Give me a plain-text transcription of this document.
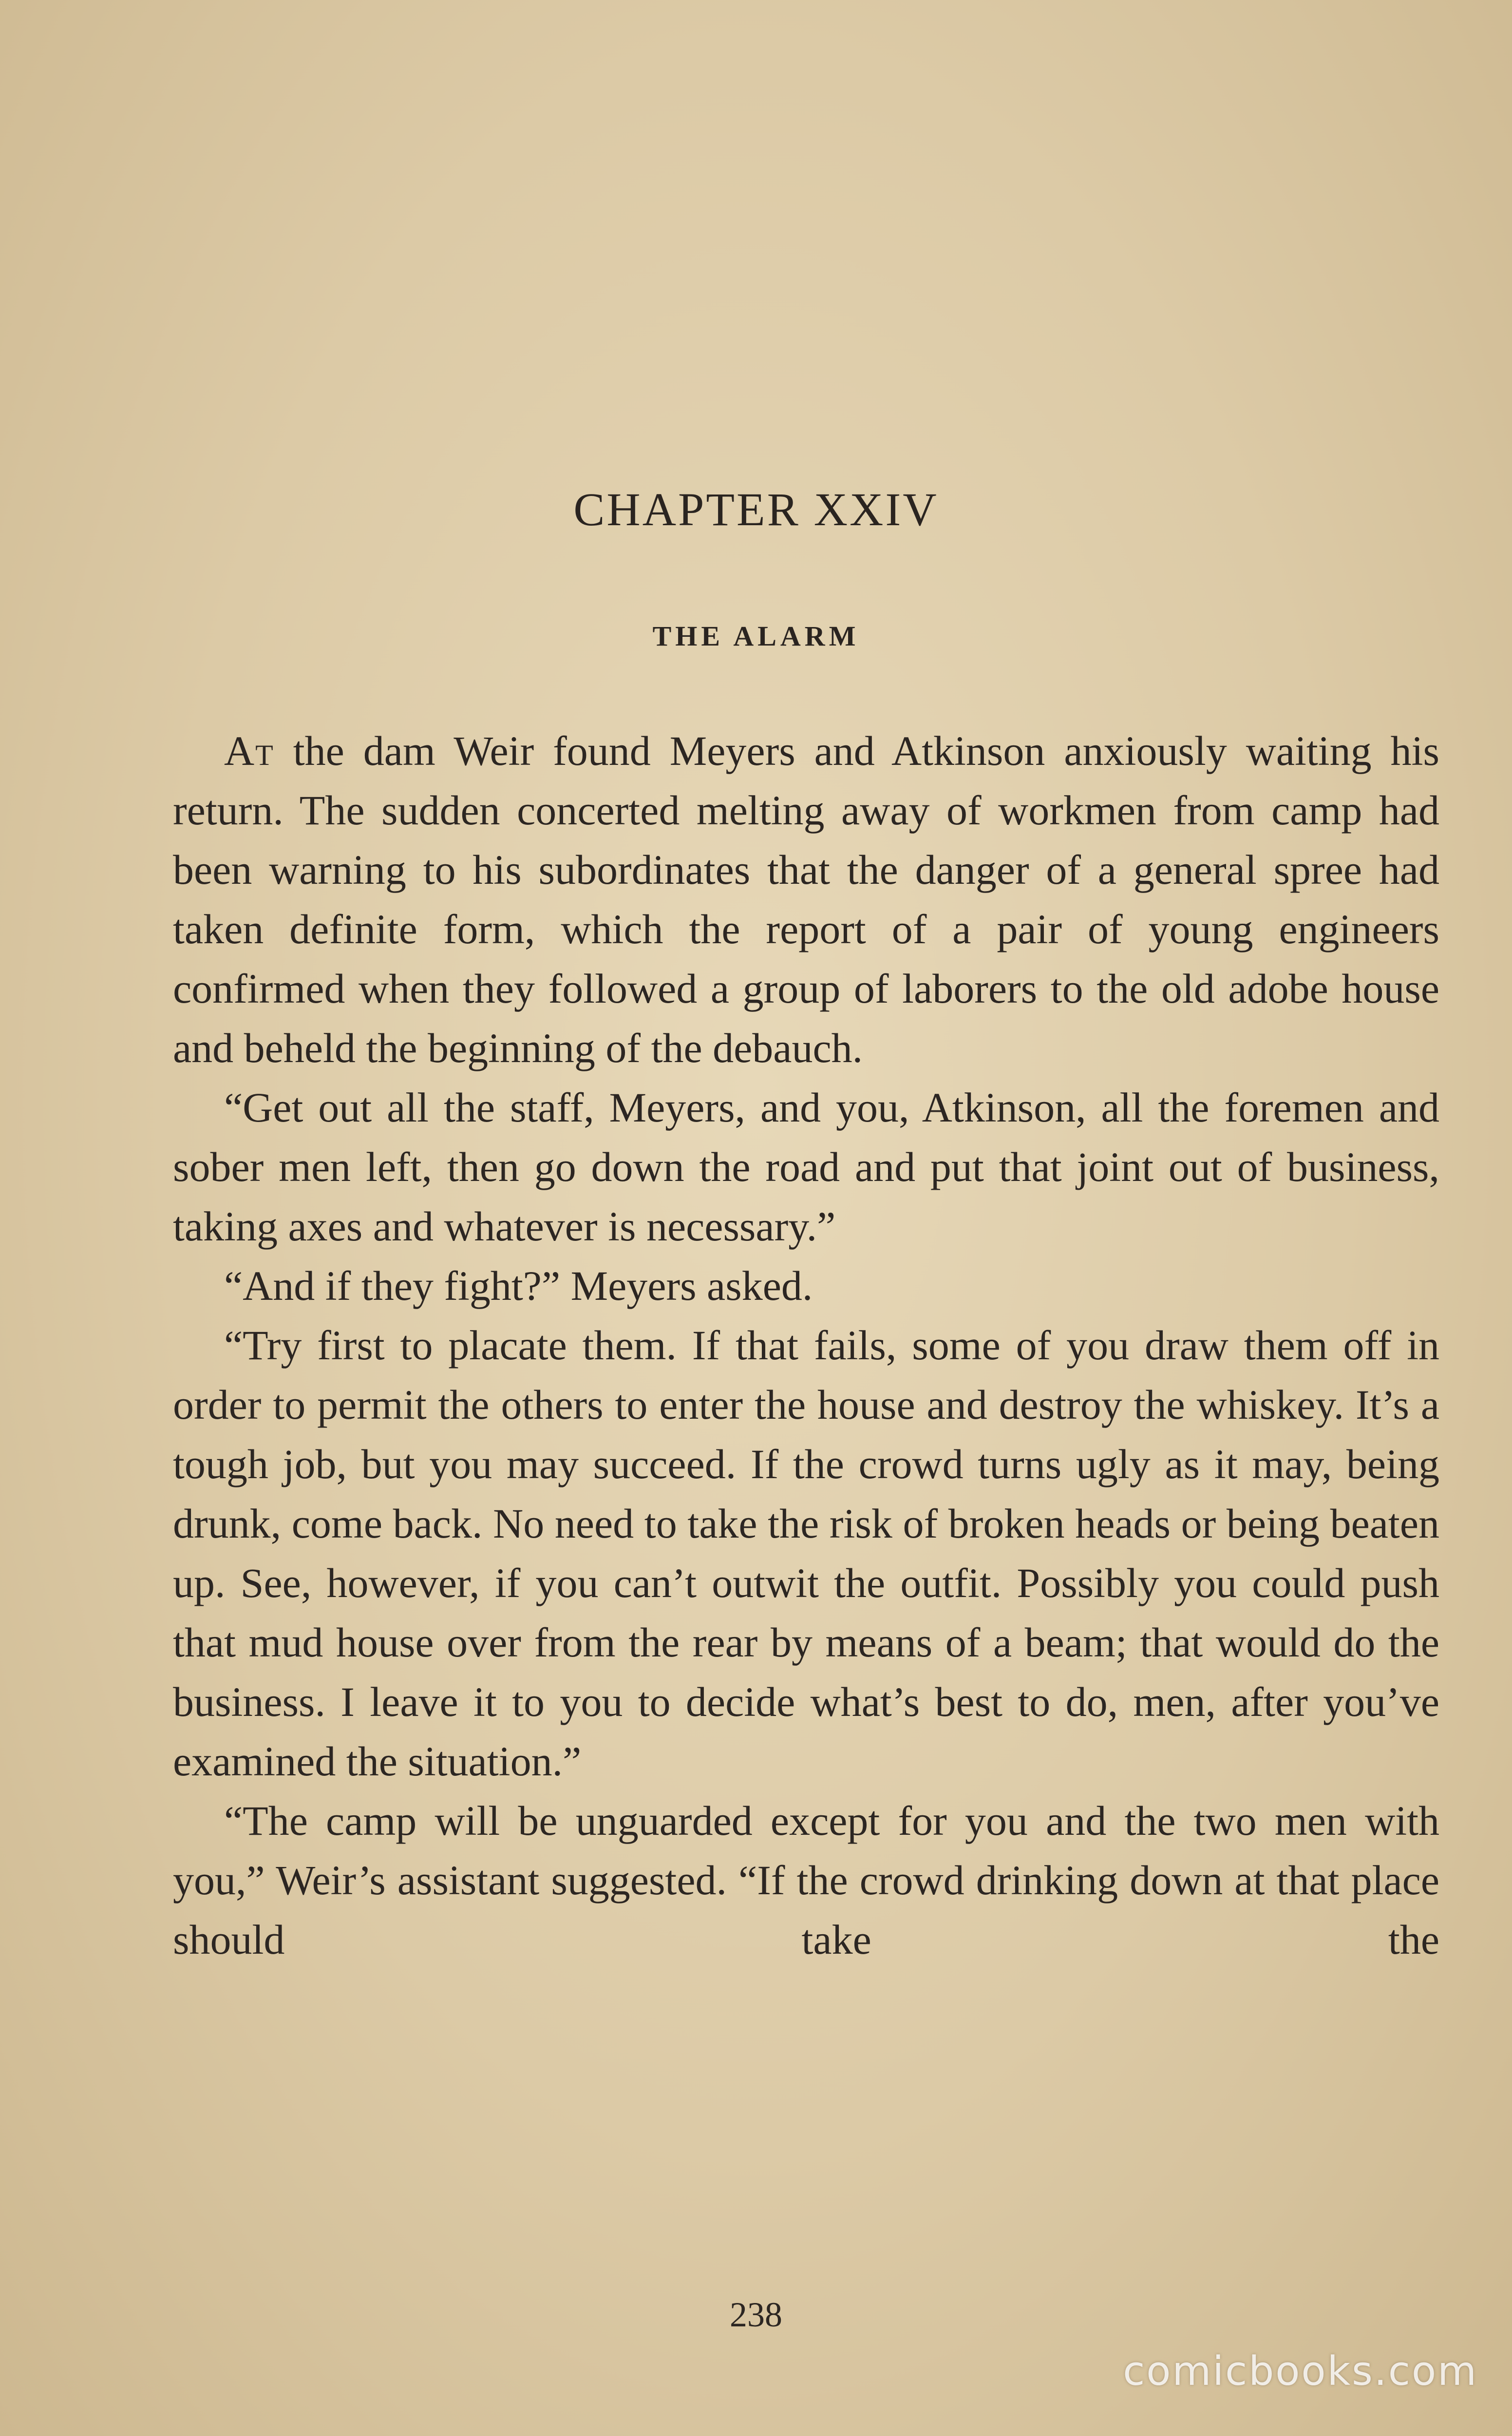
CHAPTER XXIV
THE ALARM

At the dam Weir found Meyers and Atkinson anxiously waiting his return. The sudden concerted melting away of workmen from camp had been warning to his subordinates that the danger of a general spree had taken definite form, which the report of a pair of young engineers confirmed when they followed a group of laborers to the old adobe house and beheld the beginning of the debauch.

“Get out all the staff, Meyers, and you, Atkinson, all the foremen and sober men left, then go down the road and put that joint out of business, taking axes and whatever is necessary.”

“And if they fight?” Meyers asked.

“Try first to placate them. If that fails, some of you draw them off in order to permit the others to enter the house and destroy the whiskey. It’s a tough job, but you may succeed. If the crowd turns ugly as it may, being drunk, come back. No need to take the risk of broken heads or being beaten up. See, however, if you can’t outwit the outfit. Possibly you could push that mud house over from the rear by means of a beam; that would do the business. I leave it to you to decide what’s best to do, men, after you’ve examined the situation.”

“The camp will be unguarded except for you and the two men with you,” Weir’s assistant suggested. “If the crowd drinking down at that place should take the

238
comicbooks.com
